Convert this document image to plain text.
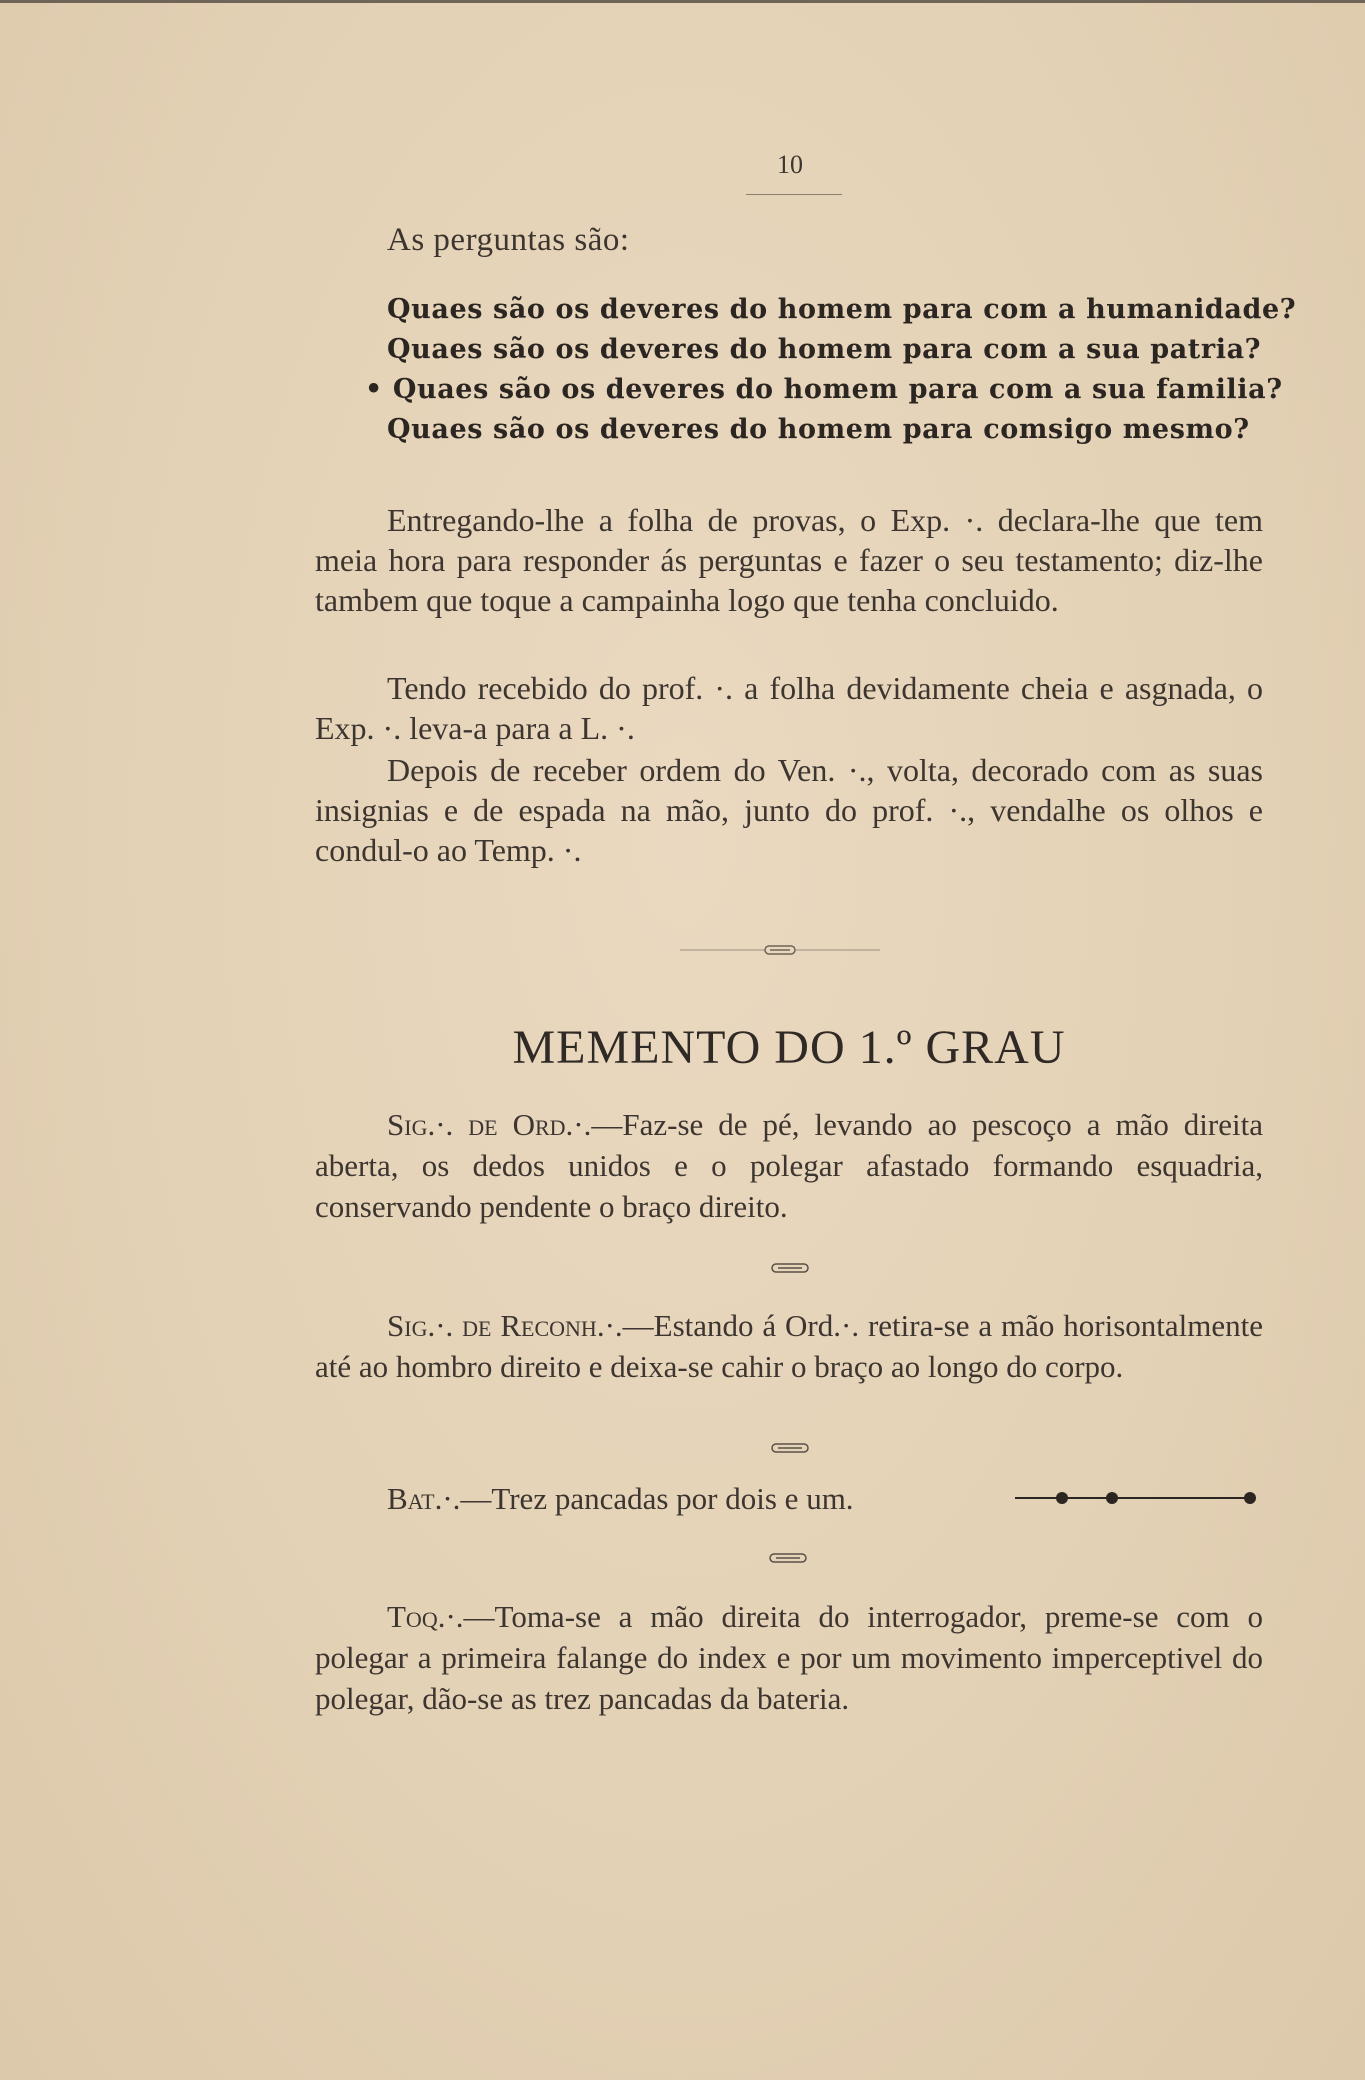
10
As perguntas são:
Quaes são os deveres do homem para com a humanidade?
Quaes são os deveres do homem para com a sua patria?
• Quaes são os deveres do homem para com a sua familia?
Quaes são os deveres do homem para comsigo mesmo?
Entregando-lhe a folha de provas, o Exp. ·. declara-lhe que tem meia hora para responder ás perguntas e fazer o seu testamento; diz-lhe tambem que toque a campainha logo que tenha concluido.
Tendo recebido do prof. ·. a folha devidamente cheia e asgnada, o Exp. ·. leva-a para a L. ·.
Depois de receber ordem do Ven. ·., volta, decorado com as suas insignias e de espada na mão, junto do prof. ·., vendalhe os olhos e condul-o ao Temp. ·.
MEMENTO DO 1.º GRAU
Sig.·. de Ord.·.—Faz-se de pé, levando ao pescoço a mão direita aberta, os dedos unidos e o polegar afastado formando esquadria, conservando pendente o braço direito.
Sig.·. de Reconh.·.—Estando á Ord.·. retira-se a mão horisontalmente até ao hombro direito e deixa-se cahir o braço ao longo do corpo.
Bat.·.—Trez pancadas por dois e um.
Toq.·.—Toma-se a mão direita do interrogador, preme-se com o polegar a primeira falange do index e por um movimento imperceptivel do polegar, dão-se as trez pancadas da bateria.
